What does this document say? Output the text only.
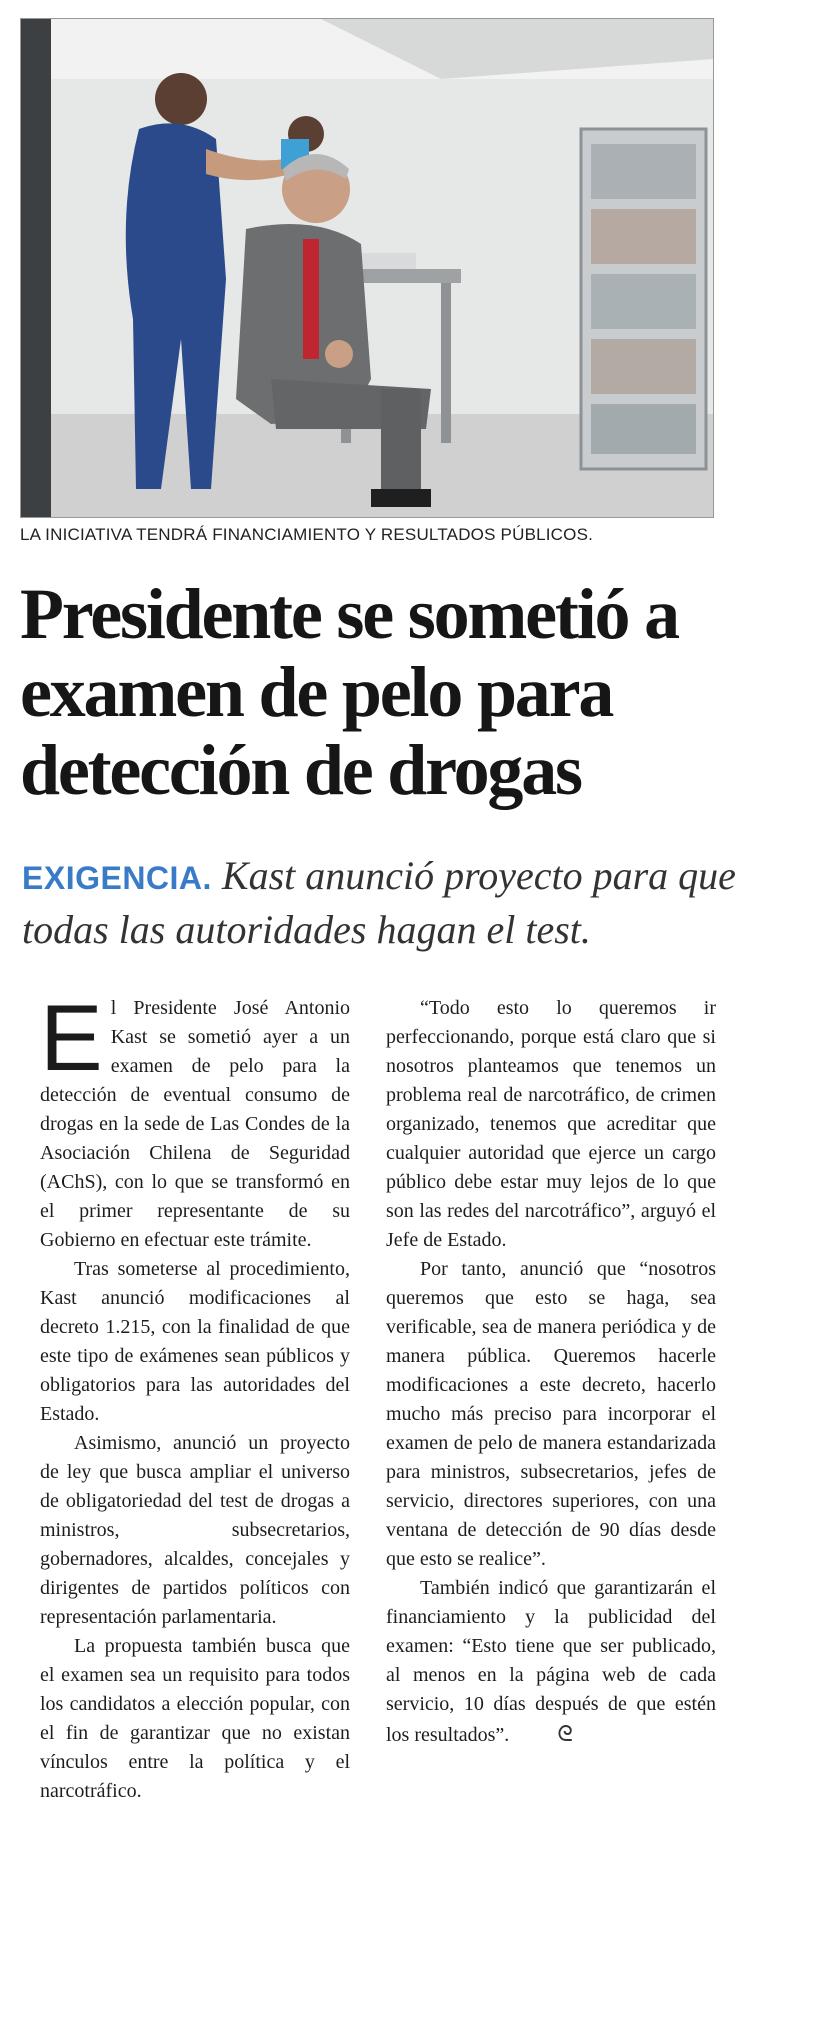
LA INICIATIVA TENDRÁ FINANCIAMIENTO Y RESULTADOS PÚBLICOS.
Presidente se sometió a examen de pelo para detección de drogas
EXIGENCIA. Kast anunció proyecto para que todas las autoridades hagan el test.

El Presidente José Antonio Kast se sometió ayer a un examen de pelo para la detección de eventual consumo de drogas en la sede de Las Condes de la Asociación Chilena de Seguridad (AChS), con lo que se transformó en el primer representante de su Gobierno en efectuar este trámite.

Tras someterse al procedimiento, Kast anunció modificaciones al decreto 1.215, con la finalidad de que este tipo de exámenes sean públicos y obligatorios para las autoridades del Estado.

Asimismo, anunció un proyecto de ley que busca ampliar el universo de obligatoriedad del test de drogas a ministros, subsecretarios, gobernadores, alcaldes, concejales y dirigentes de partidos políticos con representación parlamentaria.

La propuesta también busca que el examen sea un requisito para todos los candidatos a elección popular, con el fin de garantizar que no existan vínculos entre la política y el narcotráfico.

“Todo esto lo queremos ir perfeccionando, porque está claro que si nosotros planteamos que tenemos un problema real de narcotráfico, de crimen organizado, tenemos que acreditar que cualquier autoridad que ejerce un cargo público debe estar muy lejos de lo que son las redes del narcotráfico”, arguyó el Jefe de Estado.

Por tanto, anunció que “nosotros queremos que esto se haga, sea verificable, sea de manera periódica y de manera pública. Queremos hacerle modificaciones a este decreto, hacerlo mucho más preciso para incorporar el examen de pelo de manera estandarizada para ministros, subsecretarios, jefes de servicio, directores superiores, con una ventana de detección de 90 días desde que esto se realice”.

También indicó que garantizarán el financiamiento y la publicidad del examen: “Esto tiene que ser publicado, al menos en la página web de cada servicio, 10 días después de que estén los resultados”. ᘓ
